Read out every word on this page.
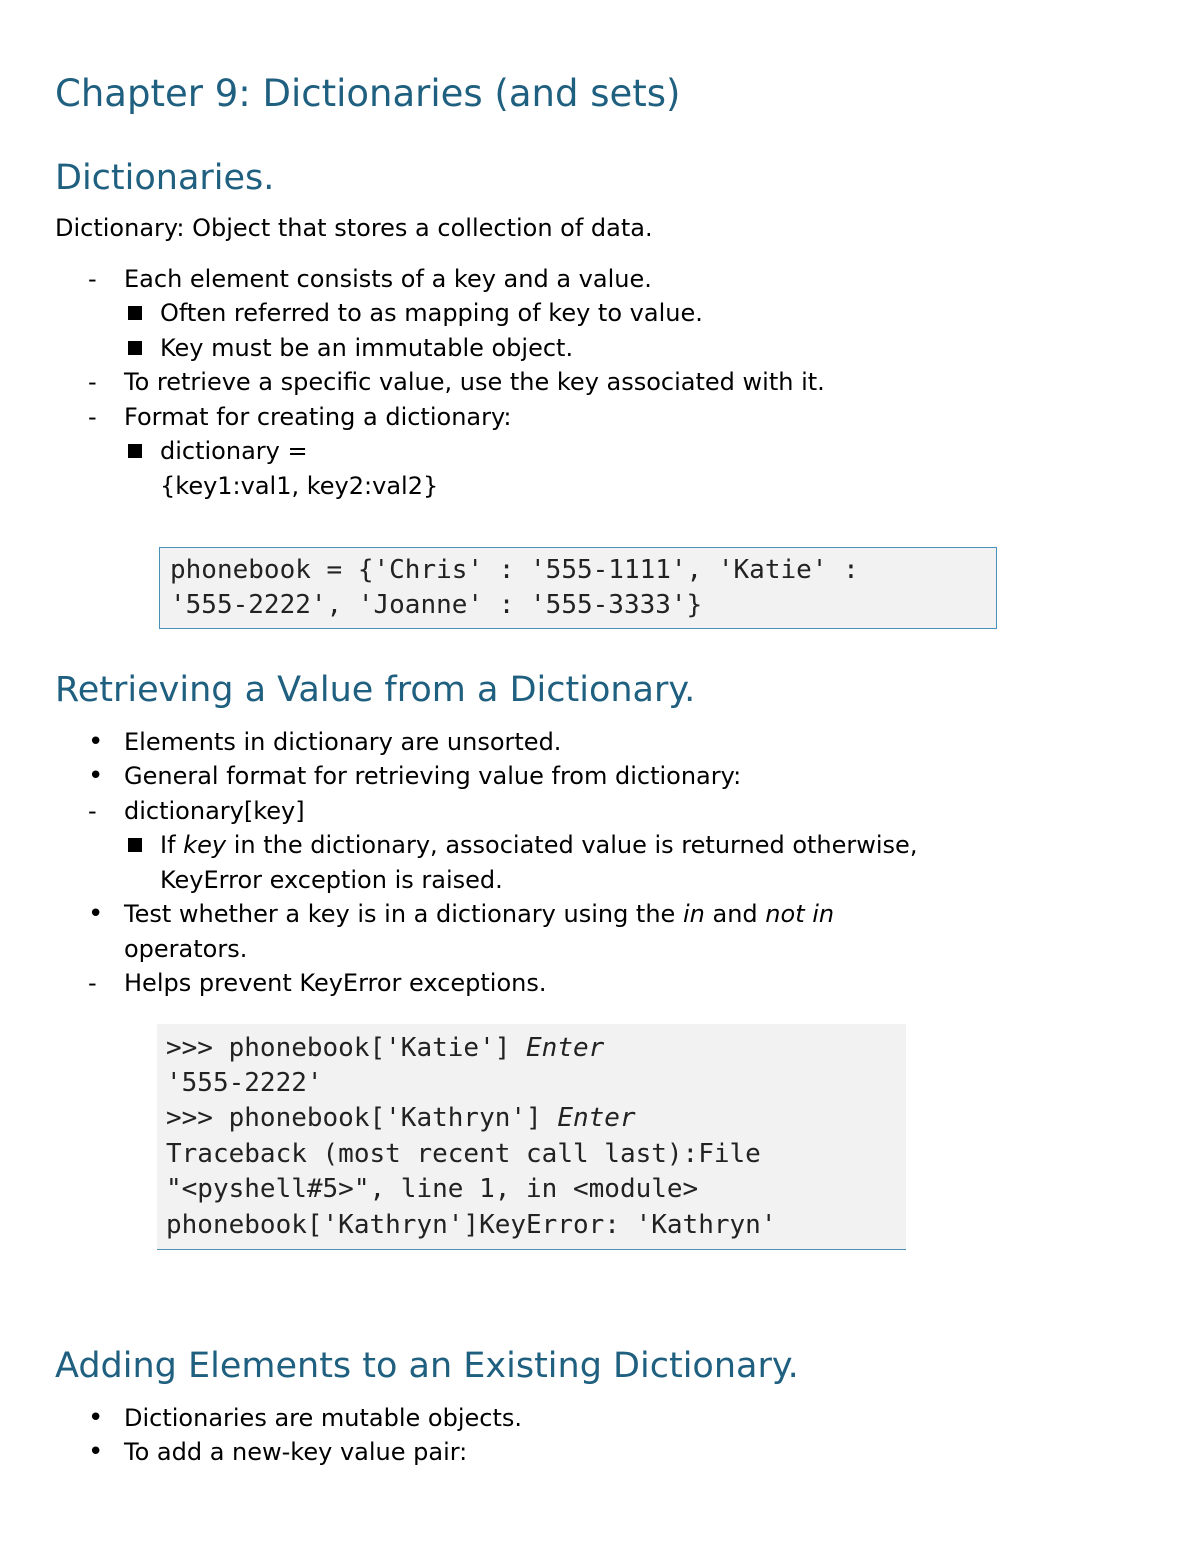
Chapter 9: Dictionaries (and sets)
Dictionaries.
Dictionary: Object that stores a collection of data.
- Each element consists of a key and a value.
Often referred to as mapping of key to value.
Key must be an immutable object.
- To retrieve a specific value, use the key associated with it.
- Format for creating a dictionary:
dictionary =
{key1:val1, key2:val2}
phonebook = {'Chris' : '555-1111', 'Katie' :
'555-2222', 'Joanne' : '555-3333'}
Retrieving a Value from a Dictionary.
• Elements in dictionary are unsorted.
• General format for retrieving value from dictionary:
- dictionary[key]
If key in the dictionary, associated value is returned otherwise,
KeyError exception is raised.
• Test whether a key is in a dictionary using the in and not in
operators.
- Helps prevent KeyError exceptions.
>>> phonebook['Katie'] Enter
'555-2222'
>>> phonebook['Kathryn'] Enter
Traceback (most recent call last):File
"<pyshell#5>", line 1, in <module>
phonebook['Kathryn']KeyError: 'Kathryn'
Adding Elements to an Existing Dictionary.
• Dictionaries are mutable objects.
• To add a new-key value pair:
